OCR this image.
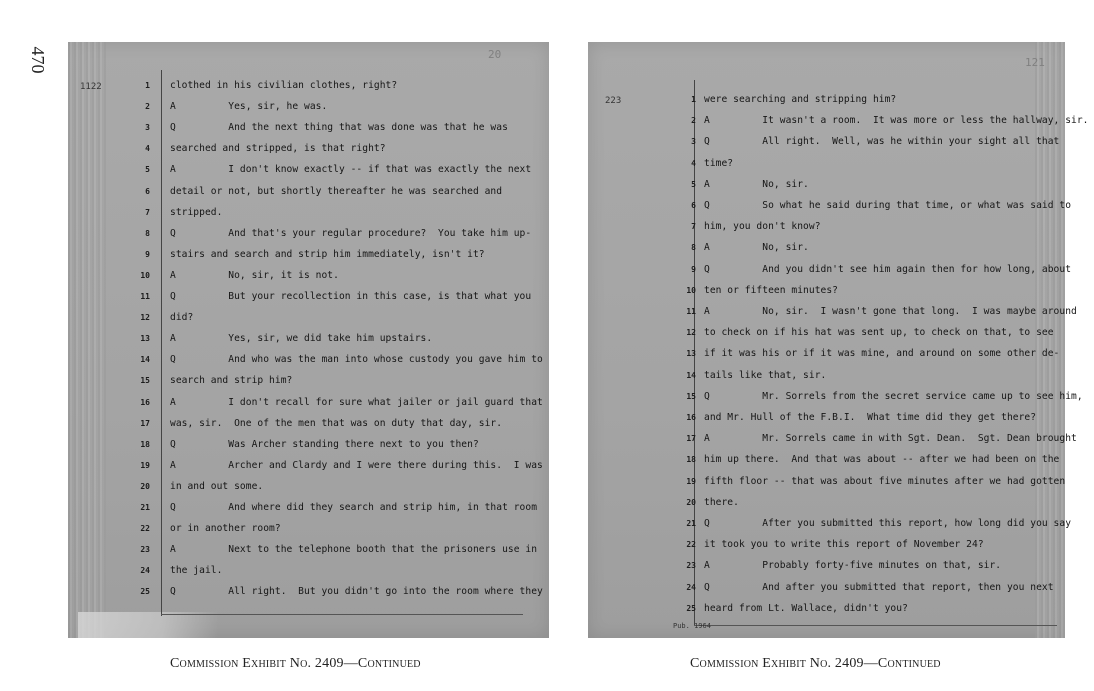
470	20
1122	1 clothed in his civilian clothes, right?
2 A         Yes, sir, he was.
3 Q         And the next thing that was done was that he was
4 searched and stripped, is that right?
5 A         I don't know exactly -- if that was exactly the next
6 detail or not, but shortly thereafter he was searched and
7 stripped.
8 Q         And that's your regular procedure?  You take him up-
9 stairs and search and strip him immediately, isn't it?
10 A         No, sir, it is not.
11 Q         But your recollection in this case, is that what you
12 did?
13 A         Yes, sir, we did take him upstairs.
14 Q         And who was the man into whose custody you gave him to
15 search and strip him?
16 A         I don't recall for sure what jailer or jail guard that
17 was, sir.  One of the men that was on duty that day, sir.
18 Q         Was Archer standing there next to you then?
19 A         Archer and Clardy and I were there during this.  I was
20 in and out some.
21 Q         And where did they search and strip him, in that room
22 or in another room?
23 A         Next to the telephone booth that the prisoners use in
24 the jail.
25 Q         All right.  But you didn't go into the room where they
121
223
Pub. 1964
1 were searching and stripping him?
2 A         It wasn't a room.  It was more or less the hallway, sir.
3 Q         All right.  Well, was he within your sight all that
4 time?
5 A         No, sir.
6 Q         So what he said during that time, or what was said to
7 him, you don't know?
8 A         No, sir.
9 Q         And you didn't see him again then for how long, about
10 ten or fifteen minutes?
11 A         No, sir.  I wasn't gone that long.  I was maybe around
12 to check on if his hat was sent up, to check on that, to see
13 if it was his or if it was mine, and around on some other de-
14 tails like that, sir.
15 Q         Mr. Sorrels from the secret service came up to see him,
16 and Mr. Hull of the F.B.I.  What time did they get there?
17 A         Mr. Sorrels came in with Sgt. Dean.  Sgt. Dean brought
18 him up there.  And that was about -- after we had been on the
19 fifth floor -- that was about five minutes after we had gotten
20 there.
21 Q         After you submitted this report, how long did you say
22 it took you to write this report of November 24?
23 A         Probably forty-five minutes on that, sir.
24 Q         And after you submitted that report, then you next
25 heard from Lt. Wallace, didn't you?
Commission Exhibit No. 2409—Continued	Commission Exhibit No. 2409—Continued
